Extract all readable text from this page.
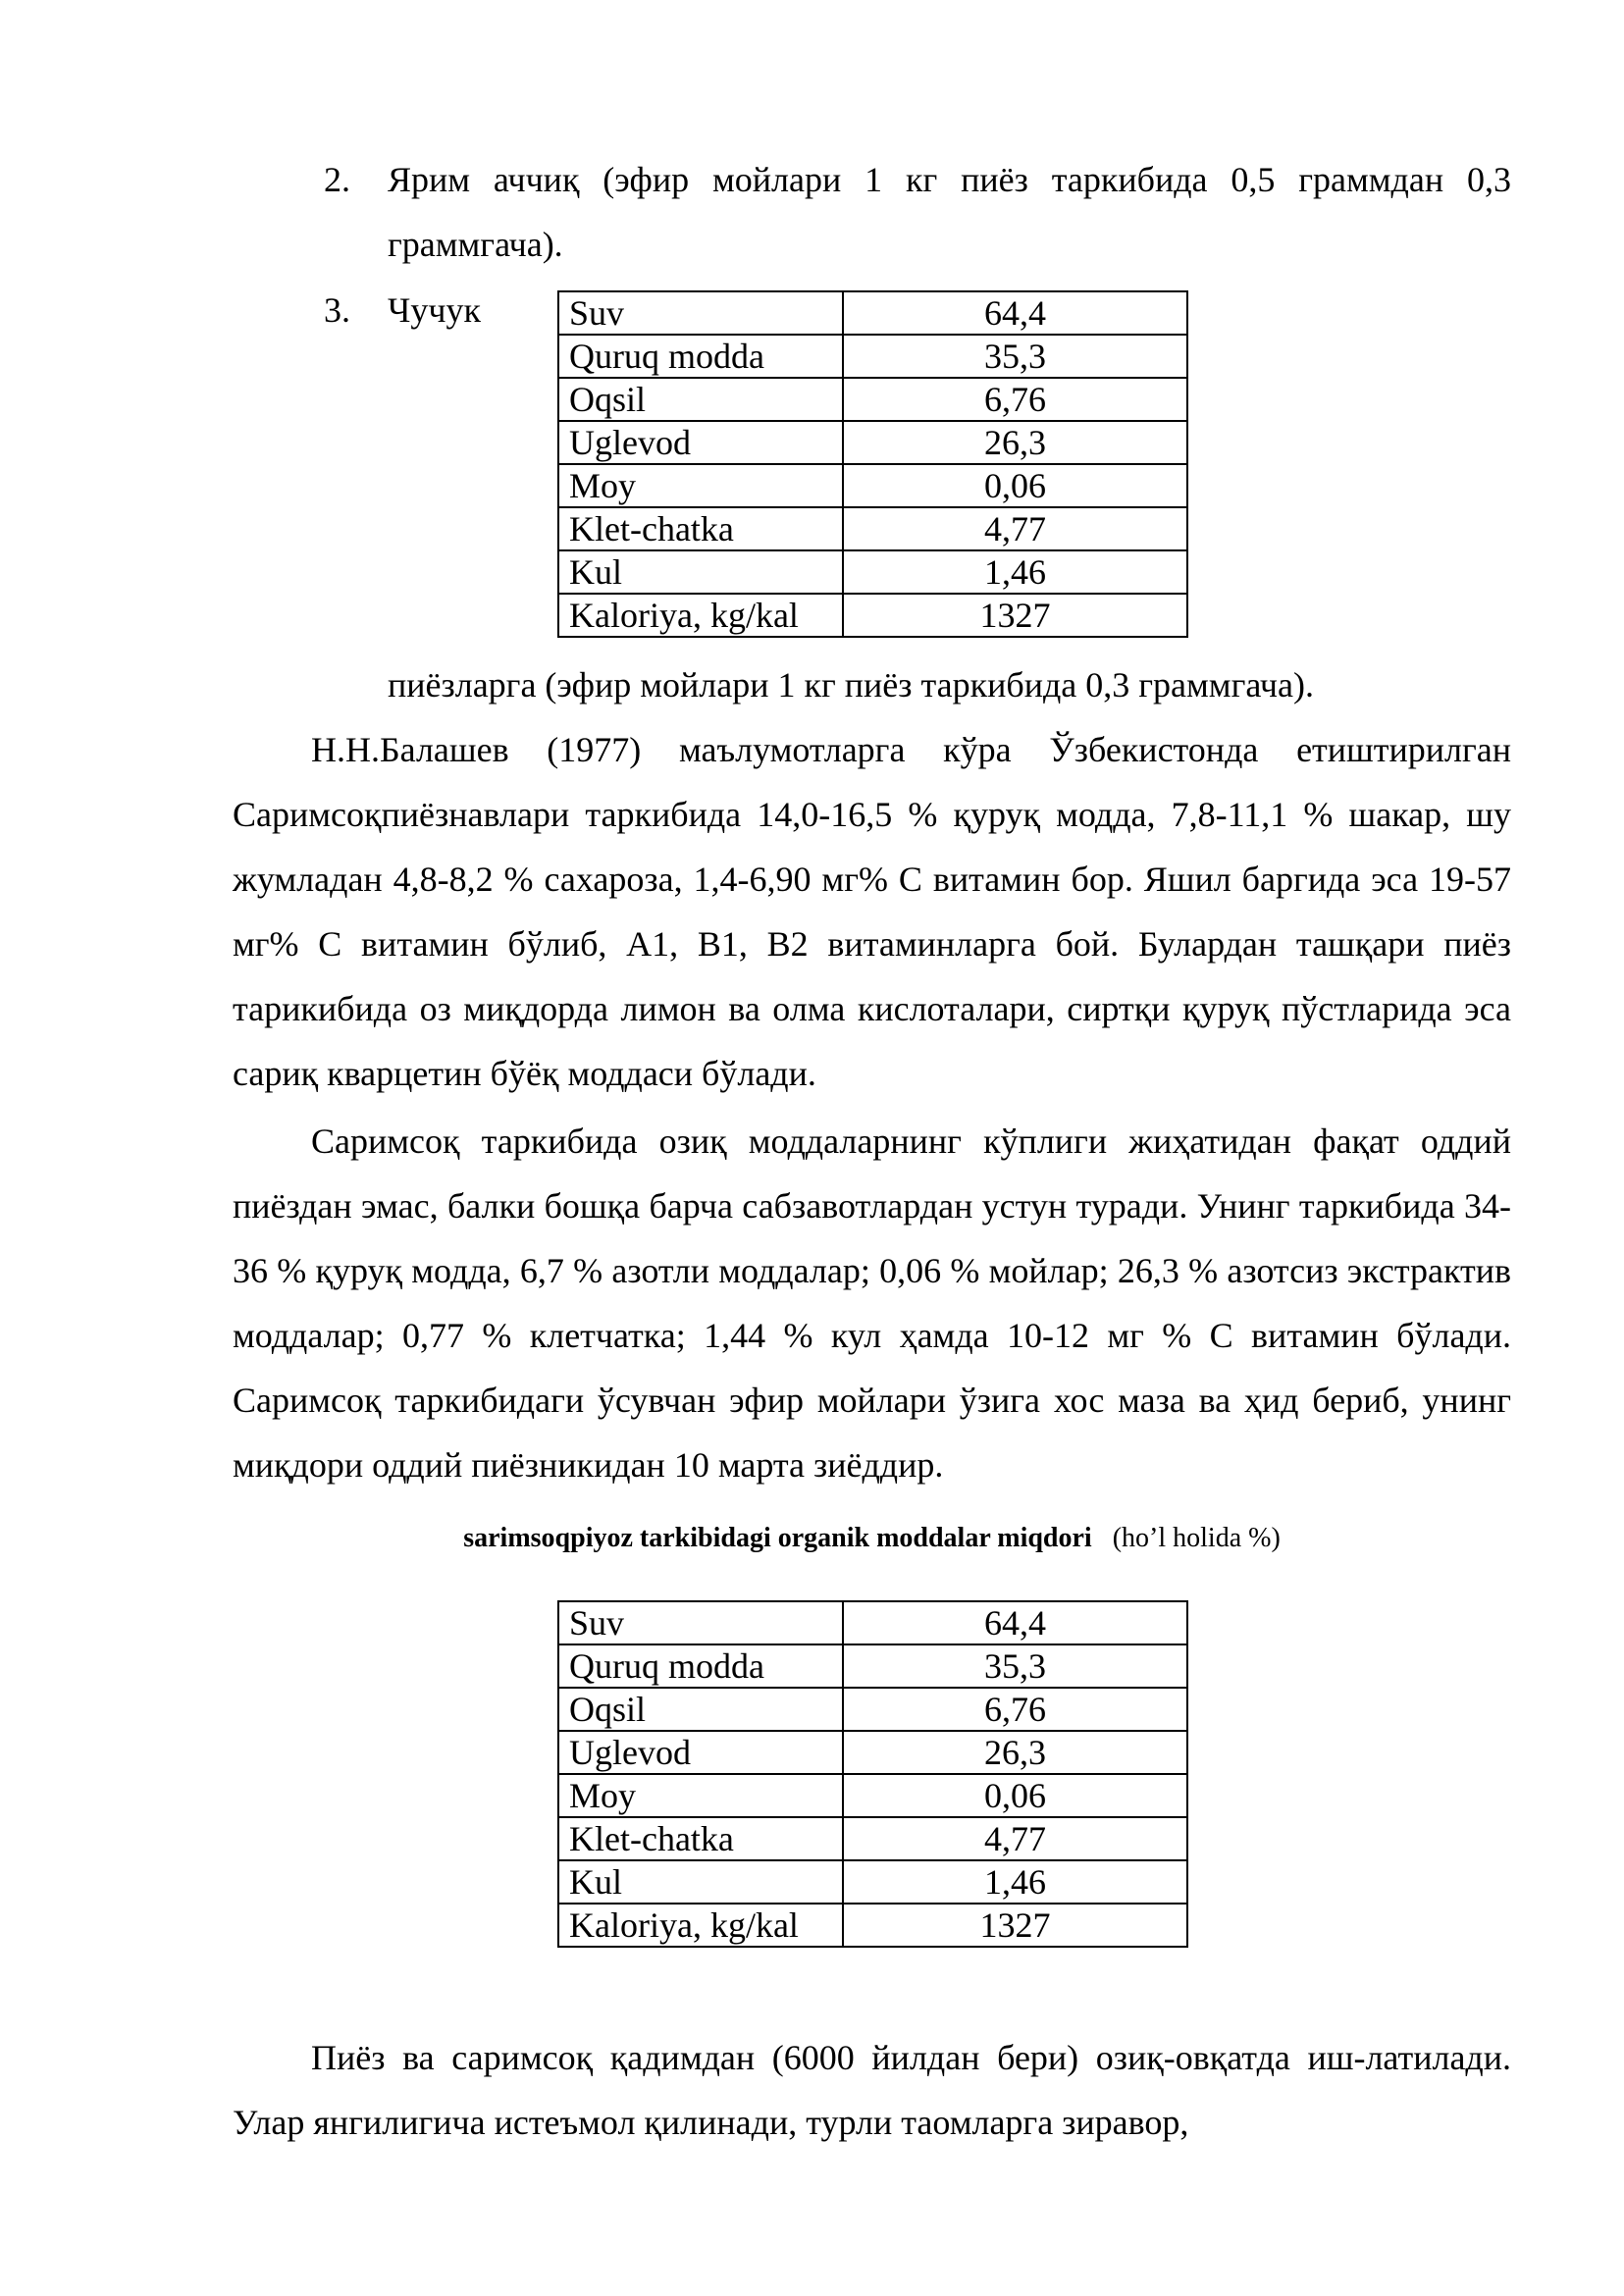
2.	Ярим аччиқ (эфир мойлари 1 кг пиёз таркибида 0,5 граммдан 0,3
граммгача).
3.	Чучук	Suv	64,4
Quruq modda	35,3
Oqsil	6,76
Uglevod	26,3
Moy	0,06
Klet-chatka	4,77
Kul	1,46
Kaloriya, kg/kal	1327
пиёзларга (эфир мойлари 1 кг пиёз таркибида 0,3 граммгача).
Н.Н.Балашев (1977) маълумотларга кўра Ўзбекистонда етиштирилган Саримсоқпиёзнавлари таркибида 14,0-16,5 % қуруқ модда, 7,8-11,1 % шакар, шу жумладан 4,8-8,2 % сахароза, 1,4-6,90 мг% С витамин бор. Яшил баргида эса 19-57 мг% С витамин бўлиб, А1, В1, В2 витаминларга бой. Булардан ташқари пиёз тарикибида оз миқдорда лимон ва олма кислоталари, сиртқи қуруқ пўстларида эса сариқ кварцетин бўёқ моддаси бўлади.
Саримсоқ таркибида озиқ моддаларнинг кўплиги жиҳатидан фақат оддий пиёздан эмас, балки бошқа барча сабзавотлардан устун туради. Унинг таркибида 34-36 % қуруқ модда, 6,7 % азотли моддалар; 0,06 % мойлар; 26,3 % азотсиз экстрактив моддалар; 0,77 % клетчатка; 1,44 % кул ҳамда 10-12 мг % С витамин бўлади. Саримсоқ таркибидаги ўсувчан эфир мойлари ўзига хос маза ва ҳид бериб, унинг миқдори оддий пиёзникидан 10 марта зиёддир.
sarimsoqpiyoz tarkibidagi organik moddalar miqdori (ho’l holida %)
Suv	64,4
Quruq modda	35,3
Oqsil	6,76
Uglevod	26,3
Moy	0,06
Klet-chatka	4,77
Kul	1,46
Kaloriya, kg/kal	1327
Пиёз ва саримсоқ қадимдан (6000 йилдан бери) озиқ-овқатда иш-латилади. Улар янгилигича истеъмол қилинади, турли таомларга зиравор,
